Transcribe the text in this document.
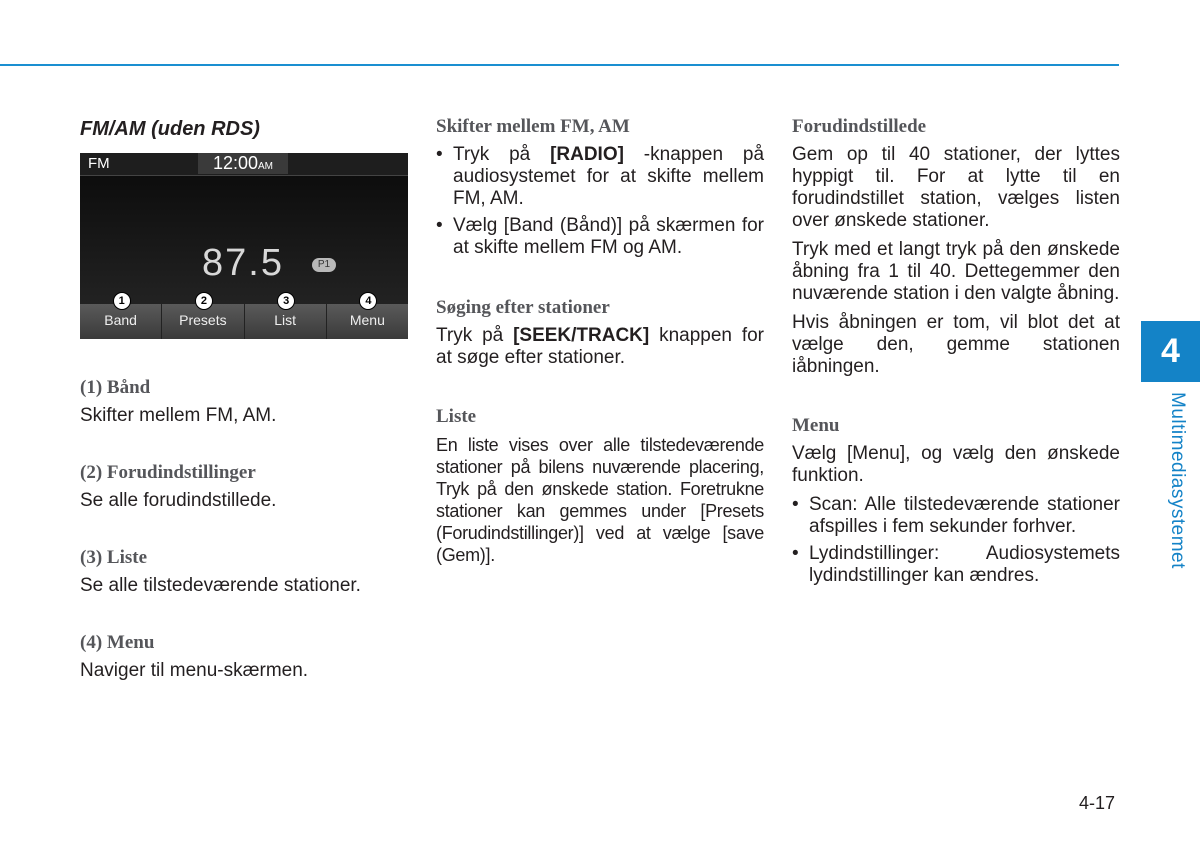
FM/AM (uden RDS)
FM	12:00AM
87.5	P1
1
Band
2
Presets
3
List
4
Menu
(1) Bånd

Skifter mellem FM, AM.

(2) Forudindstillinger

Se alle forudindstillede.

(3) Liste

Se alle tilstedeværende stationer.

(4) Menu

Naviger til menu-skærmen.

Skifter mellem FM, AM
• Tryk på [RADIO] -knappen på audiosystemet for at skifte mellem FM, AM.
• Vælg [Band (Bånd)] på skærmen for at skifte mellem FM og AM.
Søging efter stationer

Tryk på [SEEK/TRACK] knappen for at søge efter stationer.

Liste

En liste vises over alle tilstedeværende stationer på bilens nuværende placering, Tryk på den ønskede station. Foretrukne stationer kan gemmes under [Presets (Forudindstillinger)] ved at vælge [save (Gem)].

Forudindstillede

Gem op til 40 stationer, der lyttes hyppigt til. For at lytte til en forudindstillet station, vælges listen over ønskede stationer.

Tryk med et langt tryk på den ønskede åbning fra 1 til 40. Dettegemmer den nuværende station i den valgte åbning.

Hvis åbningen er tom, vil blot det at vælge den, gemme stationen iåbningen.

Menu

Vælg [Menu], og vælg den ønskede funktion.

• Scan: Alle tilstedeværende stationer afspilles i fem sekunder forhver.
• Lydindstillinger: Audiosystemets lydindstillinger kan ændres.
4
Multimediasystemet
4-17
